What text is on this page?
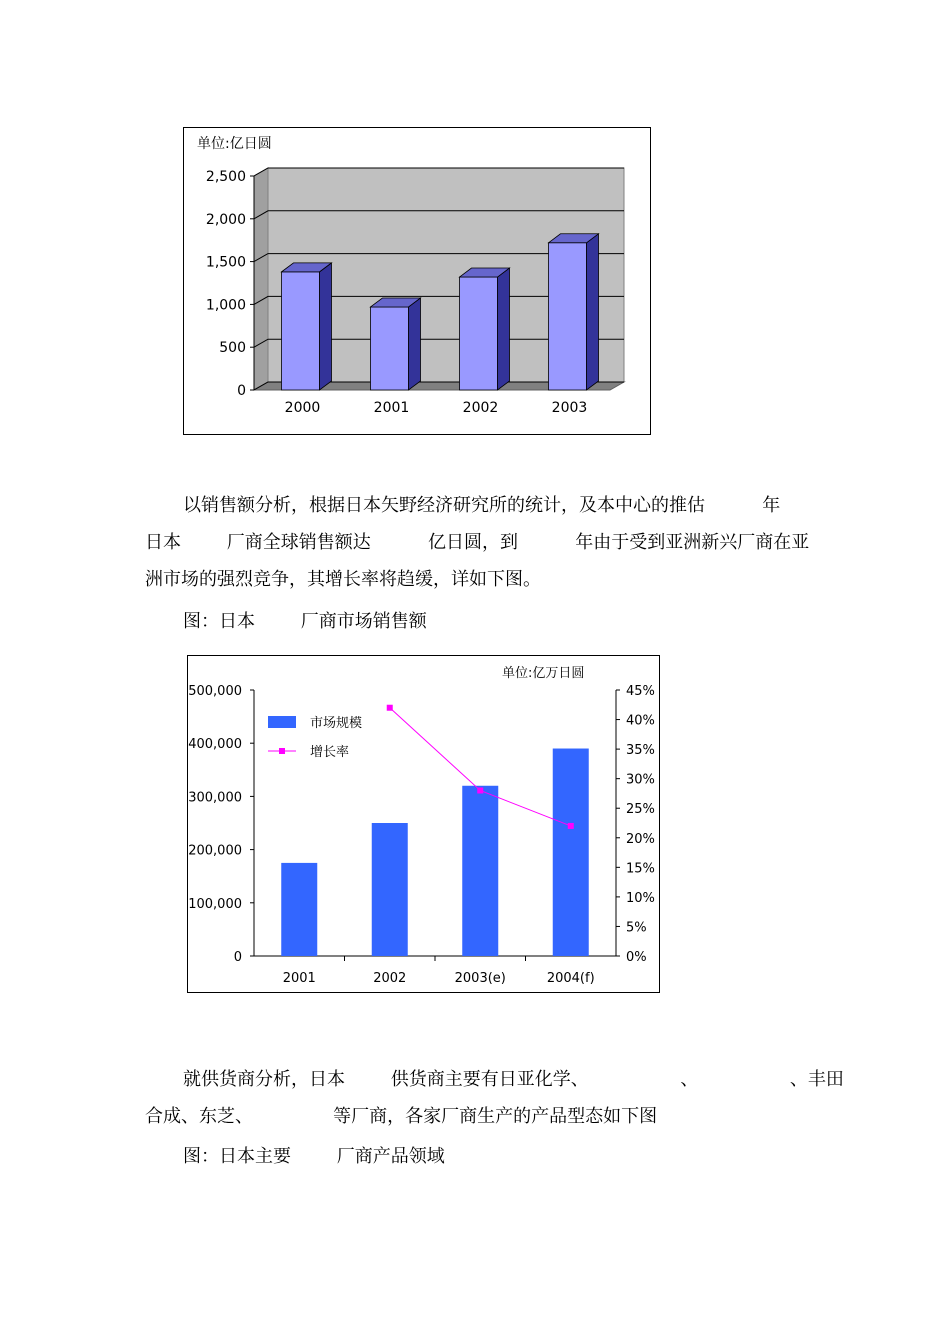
单位:亿日圆
0
500
1,000
1,500
2,000
2,500
2000	2001	2002	2003

以销售额分析，根据日本矢野经济研究所的统计，及本中心的推估          年
日本        厂商全球销售额达          亿日圆，到          年由于受到亚洲新兴厂商在亚
洲市场的强烈竞争，其增长率将趋缓，详如下图。

图：日本        厂商市场销售额

单位:亿万日圆
0
100,000
200,000
300,000
400,000
500,000
0%
5%
10%
15%
20%
25%
30%
35%
40%
45%
2001	2002	2003(e)	2004(f)
市场规模
增长率

就供货商分析，日本        供货商主要有日亚化学、                、                、丰田
合成、东芝、              等厂商，各家厂商生产的产品型态如下图

图：日本主要        厂商产品领域
